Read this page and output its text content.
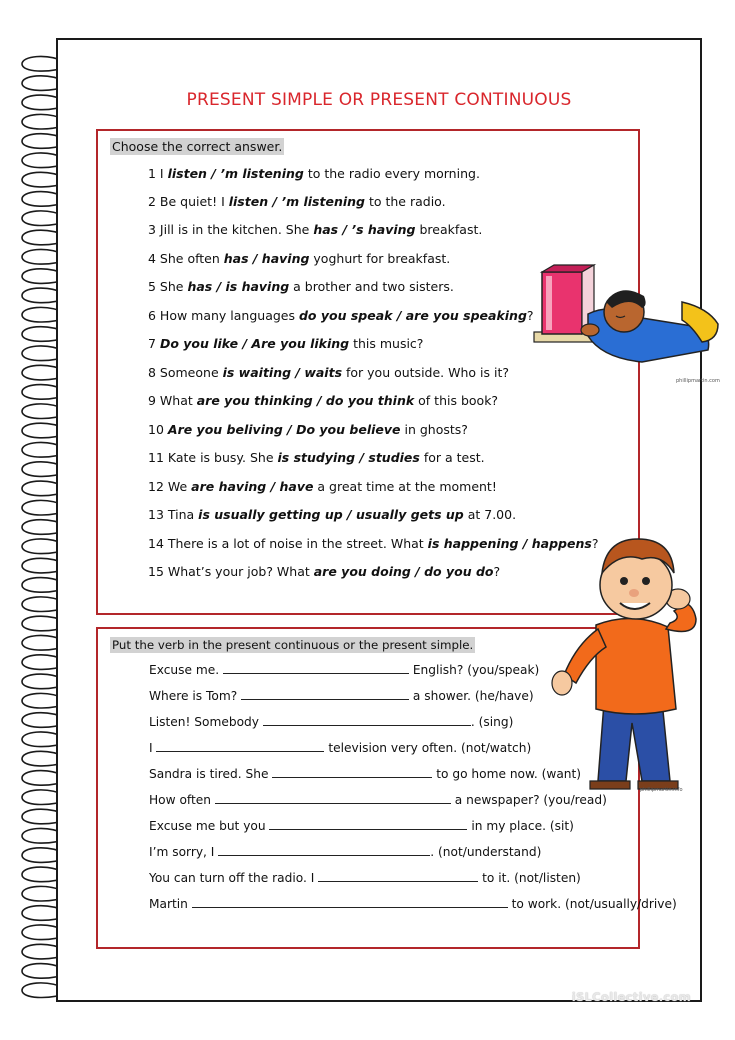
PRESENT SIMPLE OR PRESENT CONTINUOUS
Choose the correct answer.
1 I listen / ’m listening to the radio every morning.
2 Be quiet! I listen / ’m listening to the radio.
3 Jill is in the kitchen. She has / ’s having breakfast.
4 She often has / having yoghurt for breakfast.
5 She has / is having a brother and two sisters.
6 How many languages do you speak / are you speaking?
7 Do you like / Are you liking this music?
8 Someone is waiting / waits for you outside. Who is it?
9 What are you thinking / do you think of this book?
10 Are you beliving / Do you believe in ghosts?
11 Kate is busy. She is studying / studies for a test.
12 We are having / have a great time at the moment!
13 Tina is usually getting up / usually gets up at 7.00.
14 There is a lot of noise in the street. What is happening / happens?
15 What’s your job? What are you doing / do you do?
Put the verb in the present continuous or the present simple.
Excuse me.	English? (you/speak)
Where is Tom?	a shower. (he/have)
Listen! Somebody	. (sing)
I	television very often. (not/watch)
Sandra is tired. She	to go home now. (want)
How often	a newspaper? (you/read)
Excuse me but you	in my place. (sit)
I’m sorry, I	. (not/understand)
You can turn off the radio. I	to it. (not/listen)
Martin	to work. (not/usually/drive)
phillipmartin.com
phillipmartin.info
iSLCollective.com
